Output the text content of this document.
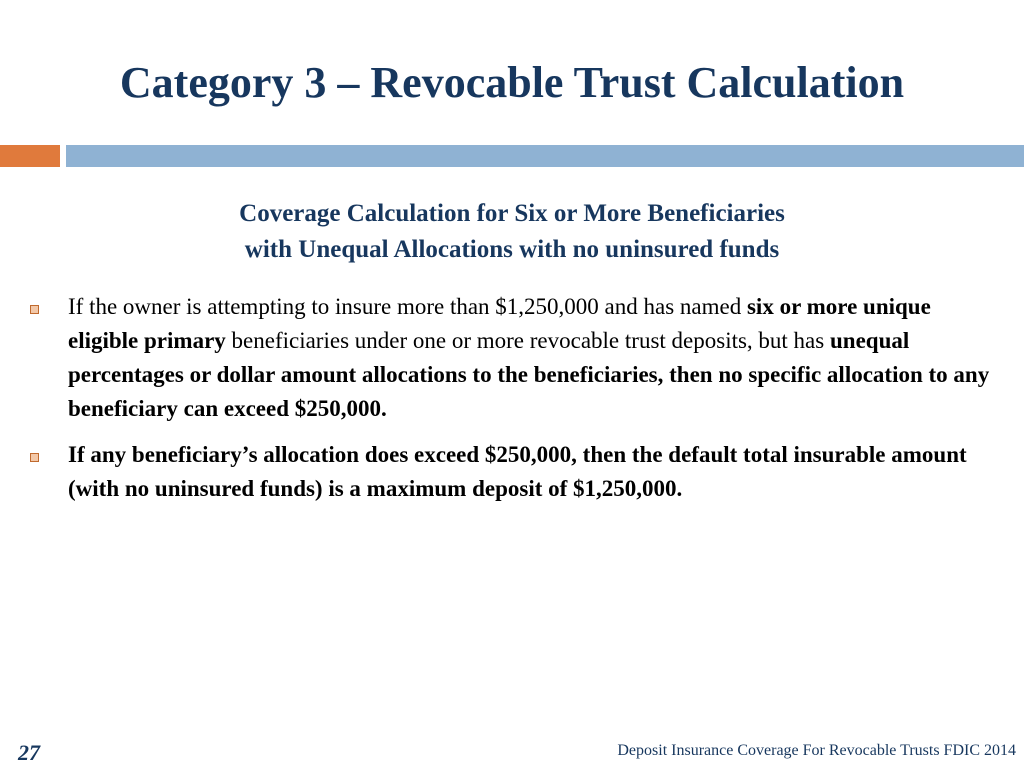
Category 3 – Revocable Trust Calculation
Coverage Calculation for Six or More Beneficiaries
with Unequal Allocations with no uninsured funds
If the owner is attempting to insure more than $1,250,000 and has named six or more unique eligible primary beneficiaries under one or more revocable trust deposits, but has unequal percentages or dollar amount allocations to the beneficiaries, then no specific allocation to any beneficiary can exceed $250,000.
If any beneficiary’s allocation does exceed $250,000, then the default total insurable amount (with no uninsured funds) is a maximum deposit of $1,250,000.
27	Deposit Insurance Coverage For Revocable Trusts FDIC 2014
